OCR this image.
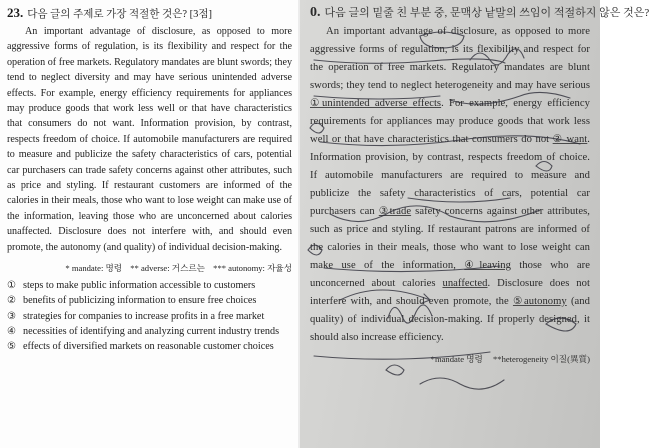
23. 다음 글의 주제로 가장 적절한 것은? [3점]

An important advantage of disclosure, as opposed to more aggressive forms of regulation, is its flexibility and respect for the operation of free markets. Regulatory mandates are blunt swords; they tend to neglect diversity and may have serious unintended adverse effects. For example, energy efficiency requirements for appliances may produce goods that work less well or that have characteristics that consumers do not want. Information provision, by contrast, respects freedom of choice. If automobile manufacturers are required to measure and publicize the safety characteristics of cars, potential car purchasers can trade safety concerns against other attributes, such as price and styling. If restaurant customers are informed of the calories in their meals, those who want to lose weight can make use of the information, leaving those who are unconcerned about calories unaffected. Disclosure does not interfere with, and should even promote, the autonomy (and quality) of individual decision-making.

* mandate: 명령 ** adverse: 거스르는 *** autonomy: 자율성
① steps to make public information accessible to customers
② benefits of publicizing information to ensure free choices
③ strategies for companies to increase profits in a free market
④ necessities of identifying and analyzing current industry trends
⑤ effects of diversified markets on reasonable customer choices

0. 다음 글의 밑줄 친 부분 중, 문맥상 낱말의 쓰임이 적절하지 않은 것은?

An important advantage of disclosure, as opposed to more aggressive forms of regulation, is its flexibility and respect for the operation of free markets. Regulatory mandates are blunt swords; they tend to neglect heterogeneity and may have serious ①unintended adverse effects. For example, energy efficiency requirements for appliances may produce goods that work less well or that have characteristics that consumers do not ② want. Information provision, by contrast, respects freedom of choice. If automobile manufacturers are required to measure and publicize the safety characteristics of cars, potential car purchasers can ③trade safety concerns against other attributes, such as price and styling. If restaurant patrons are informed of the calories in their meals, those who want to lose weight can make use of the information, ④leaving those who are unconcerned about calories unaffected. Disclosure does not interfere with, and should even promote, the ⑤autonomy (and quality) of individual decision-making. If properly designed, it should also increase efficiency.

*mandate 명령 **heterogeneity 이질(異質)
